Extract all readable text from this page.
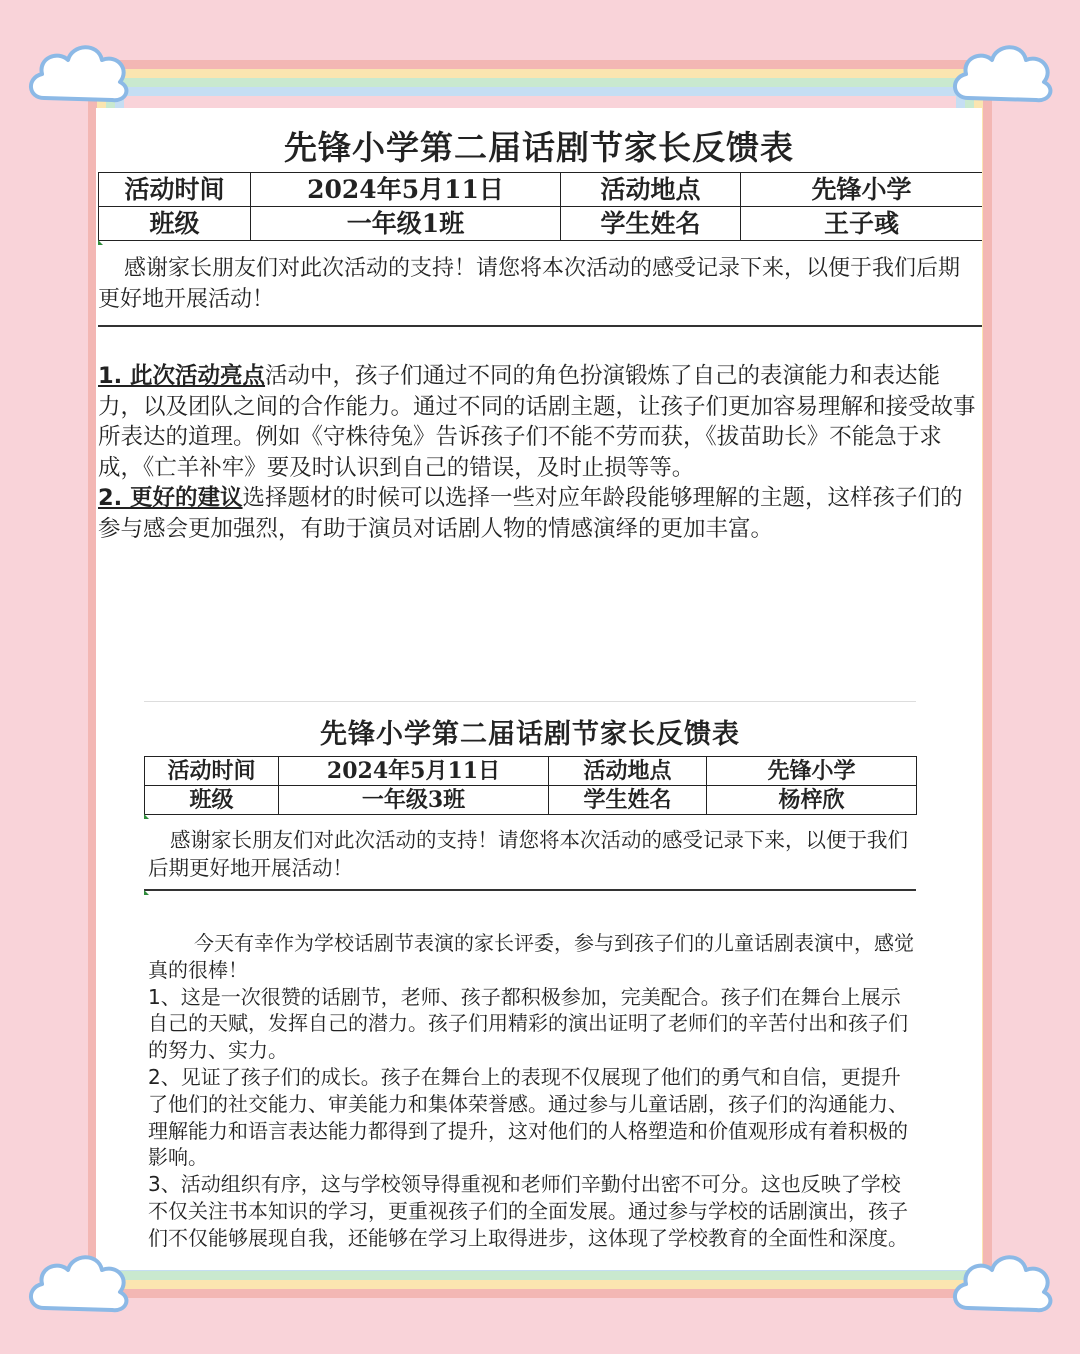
先锋小学第二届话剧节家长反馈表
活动时间	2024年5月11日	活动地点	先锋小学
班级	一年级1班	学生姓名	王子彧
感谢家长朋友们对此次活动的支持！请您将本次活动的感受记录下来，以便于我们后期更好地开展活动！
1. 此次活动亮点活动中，孩子们通过不同的角色扮演锻炼了自己的表演能力和表达能力，以及团队之间的合作能力。通过不同的话剧主题，让孩子们更加容易理解和接受故事所表达的道理。例如《守株待兔》告诉孩子们不能不劳而获，《拔苗助长》不能急于求成，《亡羊补牢》要及时认识到自己的错误，及时止损等等。
2. 更好的建议选择题材的时候可以选择一些对应年龄段能够理解的主题，这样孩子们的参与感会更加强烈，有助于演员对话剧人物的情感演绎的更加丰富。
先锋小学第二届话剧节家长反馈表
活动时间	2024年5月11日	活动地点	先锋小学
班级	一年级3班	学生姓名	杨梓欣
感谢家长朋友们对此次活动的支持！请您将本次活动的感受记录下来，以便于我们后期更好地开展活动！

今天有幸作为学校话剧节表演的家长评委，参与到孩子们的儿童话剧表演中，感觉真的很棒！

1、这是一次很赞的话剧节，老师、孩子都积极参加，完美配合。孩子们在舞台上展示自己的天赋，发挥自己的潜力。孩子们用精彩的演出证明了老师们的辛苦付出和孩子们的努力、实力。

2、见证了孩子们的成长。孩子在舞台上的表现不仅展现了他们的勇气和自信，更提升了他们的社交能力、审美能力和集体荣誉感。通过参与儿童话剧，孩子们的沟通能力、理解能力和语言表达能力都得到了提升，这对他们的人格塑造和价值观形成有着积极的影响。

3、活动组织有序，这与学校领导得重视和老师们辛勤付出密不可分。这也反映了学校不仅关注书本知识的学习，更重视孩子们的全面发展。通过参与学校的话剧演出，孩子们不仅能够展现自我，还能够在学习上取得进步，这体现了学校教育的全面性和深度。
